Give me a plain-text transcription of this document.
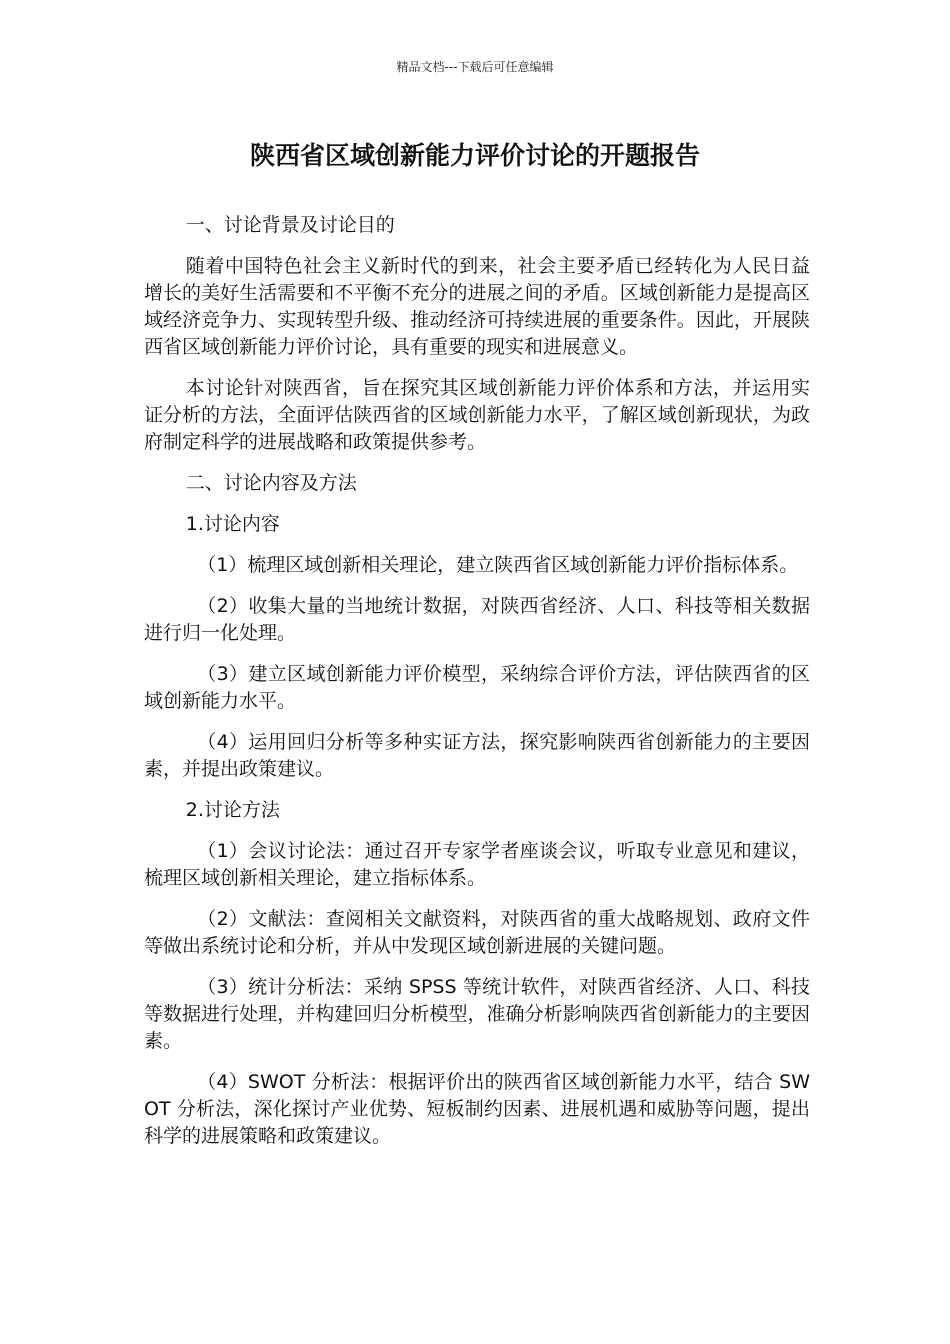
精品文档---下载后可任意编辑
陕西省区域创新能力评价讨论的开题报告

一、讨论背景及讨论目的

随着中国特色社会主义新时代的到来，社会主要矛盾已经转化为人民日益增长的美好生活需要和不平衡不充分的进展之间的矛盾。区域创新能力是提高区域经济竞争力、实现转型升级、推动经济可持续进展的重要条件。因此，开展陕西省区域创新能力评价讨论，具有重要的现实和进展意义。

本讨论针对陕西省，旨在探究其区域创新能力评价体系和方法，并运用实证分析的方法，全面评估陕西省的区域创新能力水平，了解区域创新现状，为政府制定科学的进展战略和政策提供参考。

二、讨论内容及方法

1.讨论内容

（1）梳理区域创新相关理论，建立陕西省区域创新能力评价指标体系。

（2）收集大量的当地统计数据，对陕西省经济、人口、科技等相关数据进行归一化处理。

（3）建立区域创新能力评价模型，采纳综合评价方法，评估陕西省的区域创新能力水平。

（4）运用回归分析等多种实证方法，探究影响陕西省创新能力的主要因素，并提出政策建议。

2.讨论方法

（1）会议讨论法：通过召开专家学者座谈会议，听取专业意见和建议，梳理区域创新相关理论，建立指标体系。

（2）文献法：查阅相关文献资料，对陕西省的重大战略规划、政府文件等做出系统讨论和分析，并从中发现区域创新进展的关键问题。

（3）统计分析法：采纳 SPSS 等统计软件，对陕西省经济、人口、科技等数据进行处理，并构建回归分析模型，准确分析影响陕西省创新能力的主要因素。

（4）SWOT 分析法：根据评价出的陕西省区域创新能力水平，结合 SWOT 分析法，深化探讨产业优势、短板制约因素、进展机遇和威胁等问题，提出科学的进展策略和政策建议。
